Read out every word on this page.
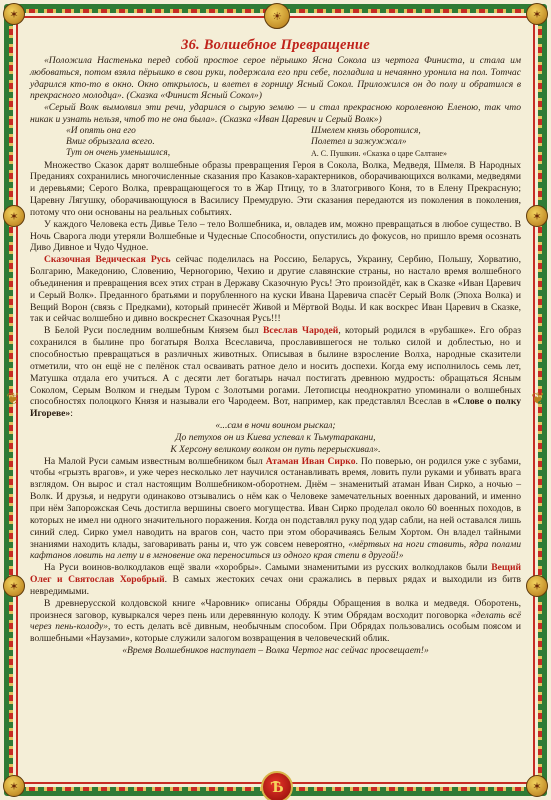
☀
✶	✶
✶	✶
✶	✶
✶	✶
❦	❦
Ѣ
36. Волшебное Превращение

«Положила Настенька перед собой простое серое пёрышко Ясна Сокола из чертога Финиста, и стала им любоваться, потом взяла пёрышко в свои руки, подержала его при себе, погладила и нечаянно уронила на пол. Тотчас ударился кто-то в окно. Окно открылось, и влетел в горницу Ясный Сокол. Приложился он до полу и обратился в прекрасного молодца». (Сказка «Финист Ясный Сокол»)

«Серый Волк вымолвил эти речи, ударился о сырую землю — и стал прекрасною королевною Еленою, так что никак и узнать нельзя, чтоб то не она была». (Сказка «Иван Царевич и Серый Волк»)

«И опять она его
Вмиг обрызгала всего.
Тут он очень уменьшился,
Шмелем князь оборотился,
Полетел и зажужжал»
А. С. Пушкин. «Сказка о царе Салтане»

Множество Сказок дарят волшебные образы превращения Героя в Сокола, Волка, Медведя, Шмеля. В Народных Преданиях сохранились многочисленные сказания про Казаков-характерников, оборачивающихся волками, медведями и деревьями; Серого Волка, превращающегося то в Жар Птицу, то в Златогривого Коня, то в Елену Прекрасную; Царевну Лягушку, оборачивающуюся в Василису Премудрую. Эти сказания передаются из поколения в поколения, потому что они основаны на реальных событиях.

У каждого Человека есть Дивье Тело – тело Волшебника, и, овладев им, можно превращаться в любое существо. В Ночь Сварога люди утеряли Волшебные и Чудесные Способности, опустились до фокусов, но пришло время осознать Диво Дивное и Чудо Чудное.

Сказочная Ведическая Русь сейчас поделилась на Россию, Беларусь, Украину, Сербию, Польшу, Хорватию, Болгарию, Македонию, Словению, Черногорию, Чехию и другие славянские страны, но настало время волшебного объединения и превращения всех этих стран в Державу Сказочную Русь! Это произойдёт, как в Сказке «Иван Царевич и Серый Волк». Преданного братьями и порубленного на куски Ивана Царевича спасёт Серый Волк (Эпоха Волка) и Вещий Ворон (связь с Предками), который принесёт Живой и Мёртвой Воды. И как воскрес Иван Царевич в Сказке, так и сейчас волшебно и дивно воскреснет Сказочная Русь!!!

В Белой Руси последним волшебным Князем был Всеслав Чародей, который родился в «рубашке». Его образ сохранился в былине про богатыря Волха Всеславича, прославившегося не только силой и доблестью, но и способностью превращаться в различных животных. Описывая в былине взросление Волха, народные сказители отметили, что он ещё не с пелёнок стал осваивать ратное дело и носить доспехи. Когда ему исполнилось семь лет, Матушка отдала его учиться. А с десяти лет богатырь начал постигать древнюю мудрость: обращаться Ясным Соколом, Серым Волком и гнедым Туром с Золотыми рогами. Летописцы неоднократно упоминали о волшебных способностях полоцкого Князя и называли его Чародеем. Вот, например, как представлял Всеслав в «Слове о полку Игореве»:

«...сам в ночи воином рыскал;

До петухов он из Киева успевал к Тьмутаракани,

К Херсону великому волком он путь перерыскивал».

На Малой Руси самым известным волшебником был Атаман Иван Сирко. По поверью, он родился уже с зубами, чтобы «грызть врагов», и уже через несколько лет научился останавливать время, ловить пули руками и убивать врага взглядом. Он вырос и стал настоящим Волшебником-оборотнем. Днём – знаменитый атаман Иван Сирко, а ночью – Волк. И друзья, и недруги одинаково отзывались о нём как о Человеке замечательных военных дарований, и именно при нём Запорожская Сечь достигла вершины своего могущества. Иван Сирко проделал около 60 военных походов, в которых не имел ни одного значительного поражения. Когда он подставлял руку под удар сабли, на ней оставался лишь синий след. Сирко умел наводить на врагов сон, часто при этом оборачиваясь Белым Хортом. Он владел тайными знаниями находить клады, заговаривать раны и, что уж совсем невероятно, «мёртвых на ноги ставить, ядра полами кафтанов ловить на лету и в мгновение ока переноситься из одного края степи в другой!»

На Руси воинов-волкодлаков ещё звали «хоробры». Самыми знаменитыми из русских волкодлаков были Вещий Олег и Святослав Хоробрый. В самых жестоких сечах они сражались в первых рядах и выходили из битв невредимыми.

В древнерусской колдовской книге «Чаровник» описаны Обряды Обращения в волка и медведя. Оборотень, произнеся заговор, кувыркался через пень или деревянную колоду. К этим Обрядам восходит поговорка «делать всё через пень-колоду», то есть делать всё дивным, необычным способом. При Обрядах пользовались особым поясом и волшебными «Наузами», которые служили залогом возвращения в человеческий облик.

«Время Волшебников наступает – Волка Чертог нас сейчас просвещает!»
